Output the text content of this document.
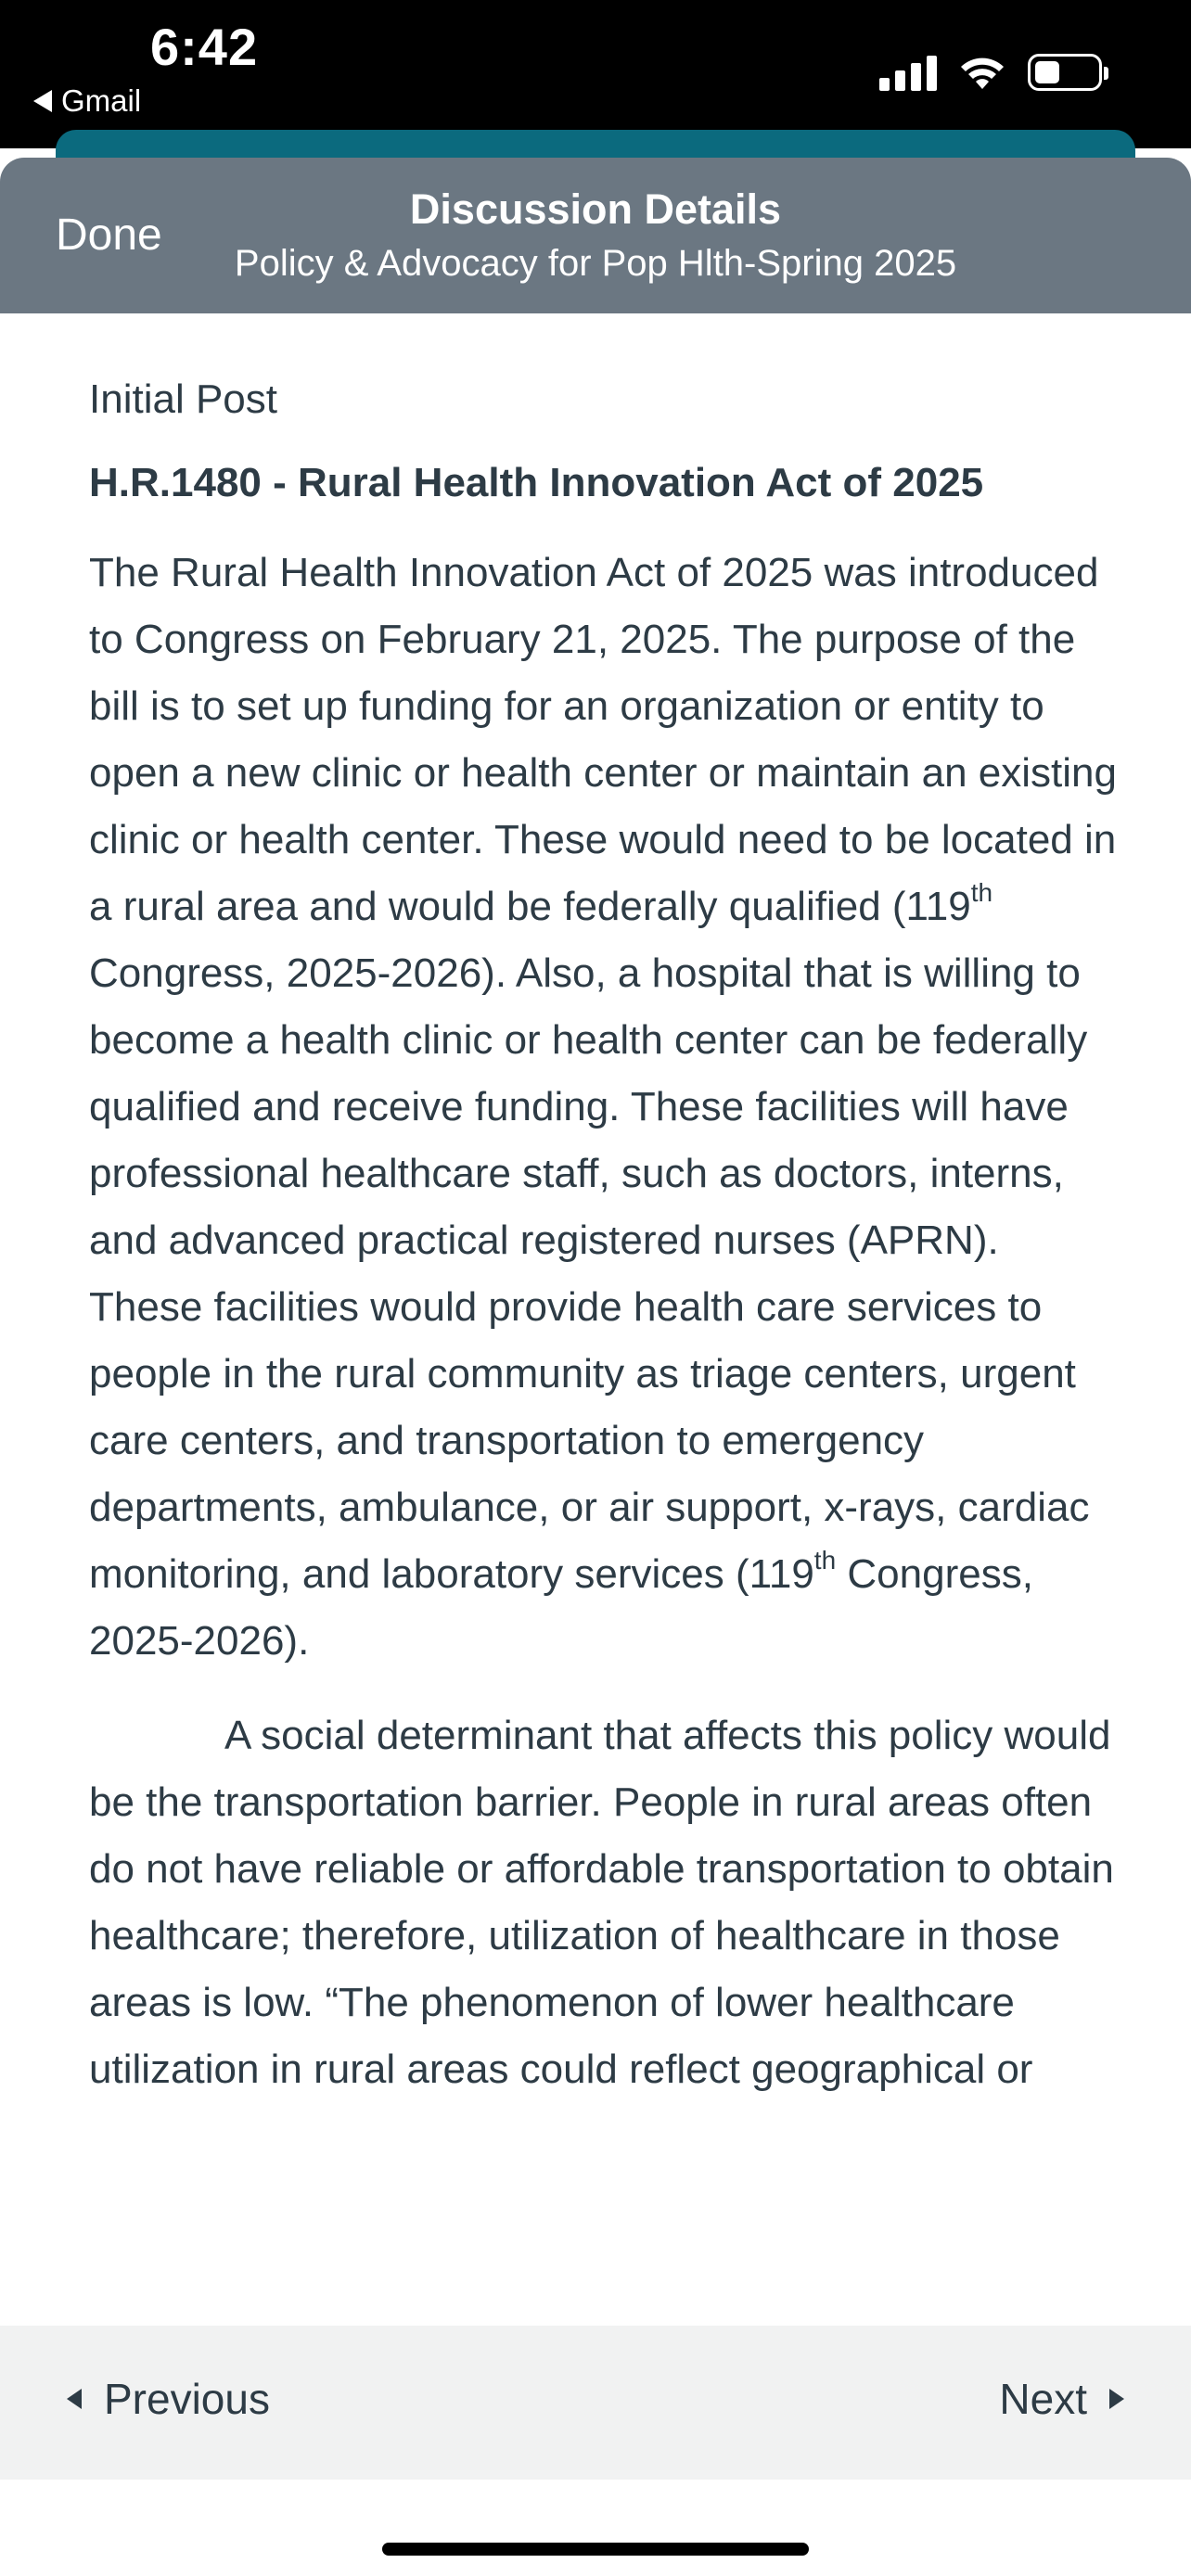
6:42
Gmail
Done
Discussion Details
Policy & Advocacy for Pop Hlth-Spring 2025
Initial Post
H.R.1480 - Rural Health Innovation Act of 2025

The Rural Health Innovation Act of 2025 was introduced to Congress on February 21, 2025. The purpose of the bill is to set up funding for an organization or entity to open a new clinic or health center or maintain an existing clinic or health center. These would need to be located in a rural area and would be federally qualified (119th Congress, 2025-2026). Also, a hospital that is willing to become a health clinic or health center can be federally qualified and receive funding. These facilities will have professional healthcare staff, such as doctors, interns, and advanced practical registered nurses (APRN). These facilities would provide health care services to people in the rural community as triage centers, urgent care centers, and transportation to emergency departments, ambulance, or air support, x-rays, cardiac monitoring, and laboratory services (119th Congress, 2025-2026).

A social determinant that affects this policy would be the transportation barrier. People in rural areas often do not have reliable or affordable transportation to obtain healthcare; therefore, utilization of healthcare in those areas is low. “The phenomenon of lower healthcare utilization in rural areas could reflect geographical or

Previous	Next
